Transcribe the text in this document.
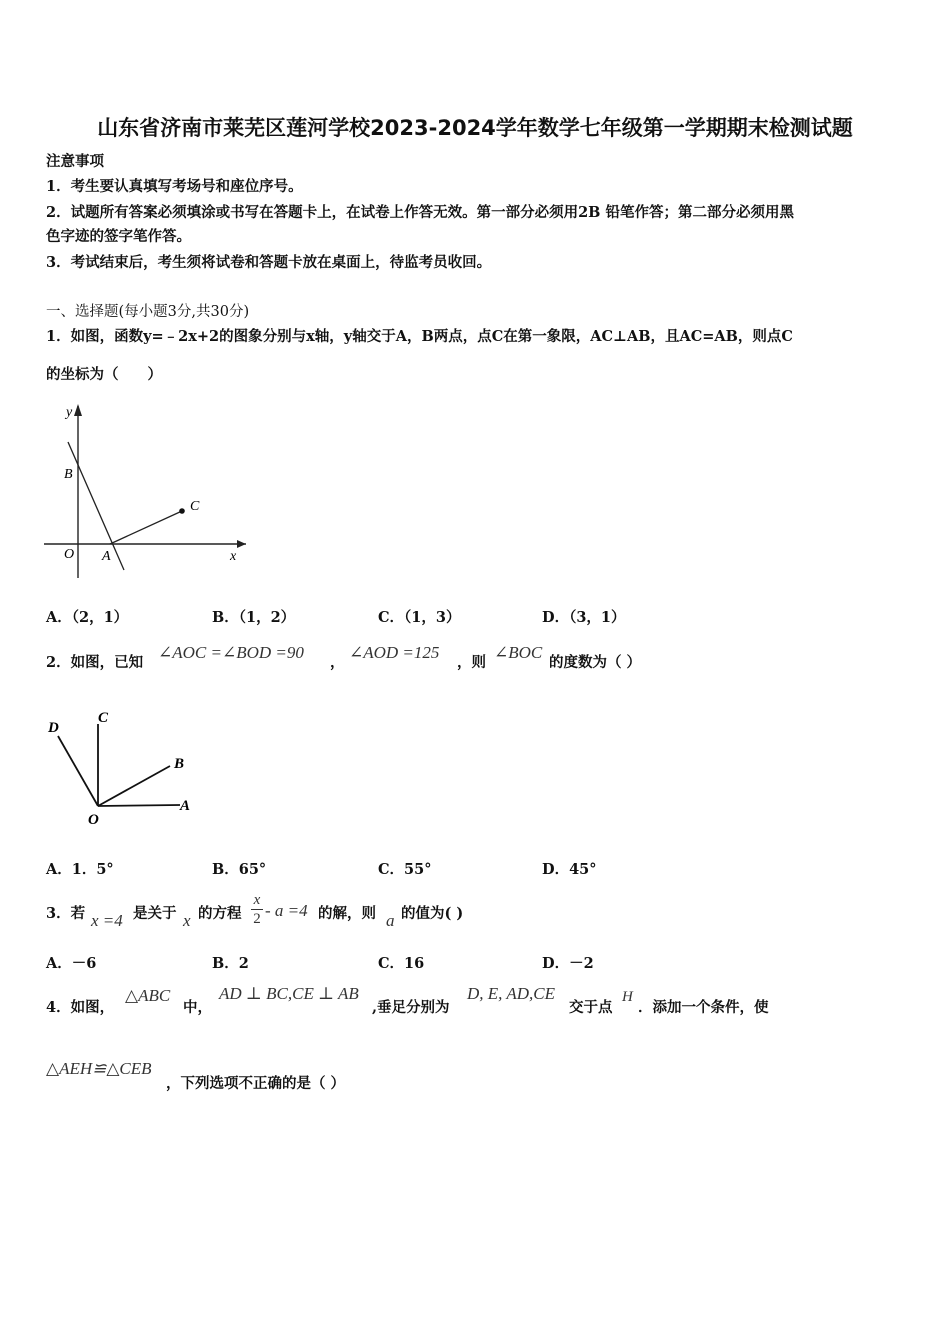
山东省济南市莱芜区莲河学校2023-2024学年数学七年级第一学期期末检测试题
注意事项
1．考生要认真填写考场号和座位序号。
2．试题所有答案必须填涂或书写在答题卡上，在试卷上作答无效。第一部分必须用2B 铅笔作答；第二部分必须用黑
色字迹的签字笔作答。
3．考试结束后，考生须将试卷和答题卡放在桌面上，待监考员收回。
一、选择题(每小题3分,共30分)
1．如图，函数y=﹣2x+2的图象分别与x轴，y轴交于A，B两点，点C在第一象限，AC⊥AB，且AC=AB，则点C
的坐标为（　　）
y
x
O A
B
C
A．（2，1）	B．（1，2）	C．（1，3）	D．（3，1）
2．如图，已知
∠AOC =∠BOD =90
，
∠AOD =125
，则
∠BOC
的度数为（ ）
D
C
B
O
A
A．1．5°	B．65°	C．55°	D．45°
3．若 x =4 是关于 x 的方程
x
2 - a =4 的解，则 a 的值为( )
A．－6	B．2	C．16	D．－2
4．如图，
△ABC
中，
AD ⊥ BC,CE ⊥ AB
,垂足分别为
D, E, AD,CE
交于点
H
．添加一个条件，使
△AEH≌△CEB
，下列选项不正确的是（ ）
